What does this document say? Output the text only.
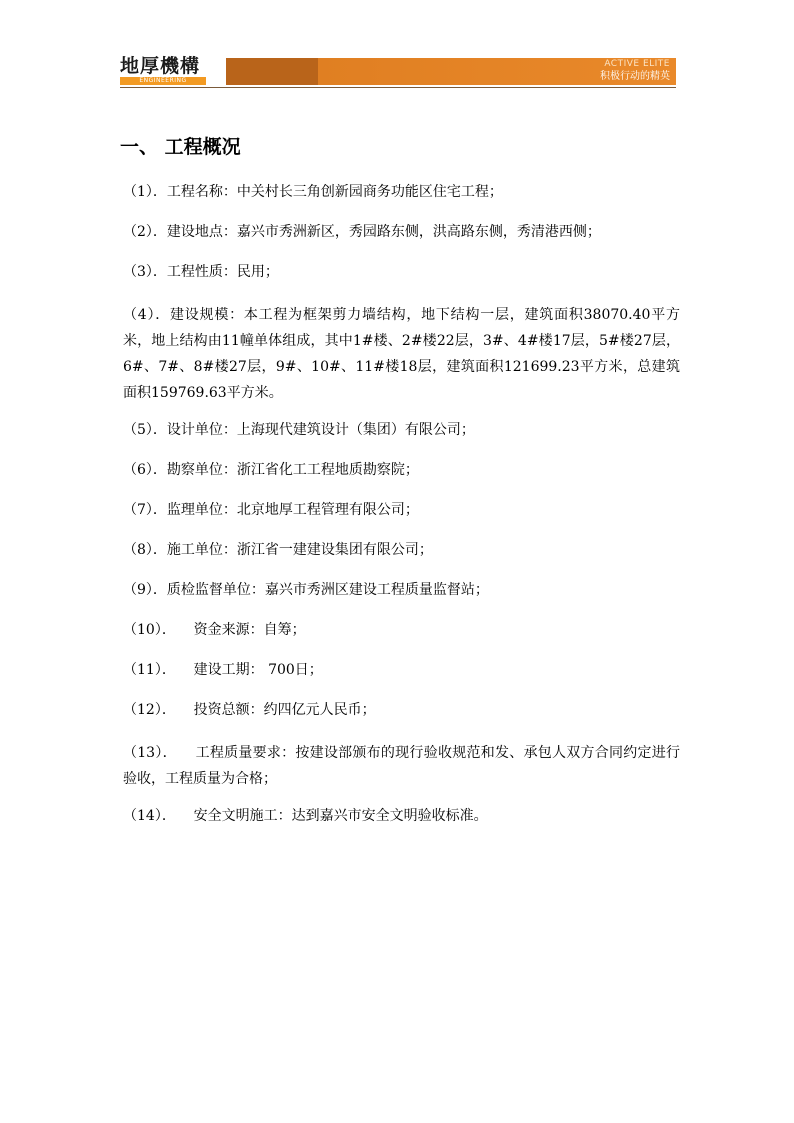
地厚機構
ENGINEERING
ACTIVE ELITE
积极行动的精英
一、 工程概况
（1）．工程名称：中关村长三角创新园商务功能区住宅工程；
（2）．建设地点：嘉兴市秀洲新区，秀园路东侧，洪高路东侧，秀清港西侧；
（3）．工程性质：民用；
（4）．建设规模：本工程为框架剪力墙结构，地下结构一层，建筑面积38070.40平方米，地上结构由11幢单体组成，其中1#楼、2#楼22层，3#、4#楼17层，5#楼27层，6#、7#、8#楼27层，9#、10#、11#楼18层，建筑面积121699.23平方米，总建筑面积159769.63平方米。
（5）．设计单位：上海现代建筑设计（集团）有限公司；
（6）．勘察单位：浙江省化工工程地质勘察院；
（7）．监理单位：北京地厚工程管理有限公司；
（8）．施工单位：浙江省一建建设集团有限公司；
（9）．质检监督单位：嘉兴市秀洲区建设工程质量监督站；
（10）．    资金来源：自筹；
（11）．    建设工期： 700日；
（12）．    投资总额：约四亿元人民币；
（13）．    工程质量要求：按建设部颁布的现行验收规范和发、承包人双方合同约定进行验收，工程质量为合格；
（14）．    安全文明施工：达到嘉兴市安全文明验收标准。
